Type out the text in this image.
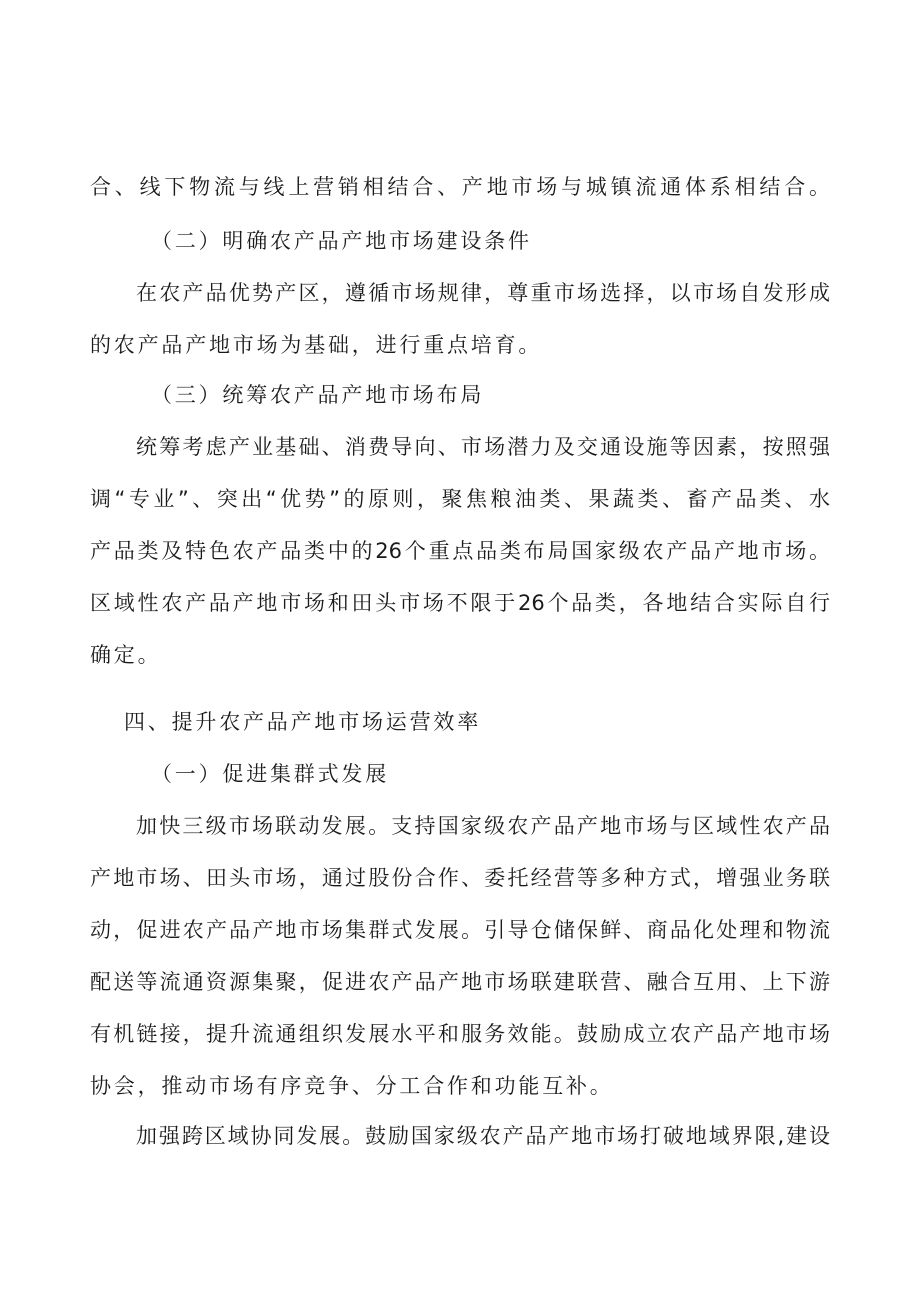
合、线下物流与线上营销相结合、产地市场与城镇流通体系相结合。
（二）明确农产品产地市场建设条件
在农产品优势产区，遵循市场规律，尊重市场选择，以市场自发形成
的农产品产地市场为基础，进行重点培育。
（三）统筹农产品产地市场布局
统筹考虑产业基础、消费导向、市场潜力及交通设施等因素，按照强
调“专业”、突出“优势”的原则，聚焦粮油类、果蔬类、畜产品类、水
产品类及特色农产品类中的26个重点品类布局国家级农产品产地市场。
区域性农产品产地市场和田头市场不限于26个品类，各地结合实际自行
确定。
四、提升农产品产地市场运营效率
（一）促进集群式发展
加快三级市场联动发展。支持国家级农产品产地市场与区域性农产品
产地市场、田头市场，通过股份合作、委托经营等多种方式，增强业务联
动，促进农产品产地市场集群式发展。引导仓储保鲜、商品化处理和物流
配送等流通资源集聚，促进农产品产地市场联建联营、融合互用、上下游
有机链接，提升流通组织发展水平和服务效能。鼓励成立农产品产地市场
协会，推动市场有序竞争、分工合作和功能互补。
加强跨区域协同发展。鼓励国家级农产品产地市场打破地域界限,建设
